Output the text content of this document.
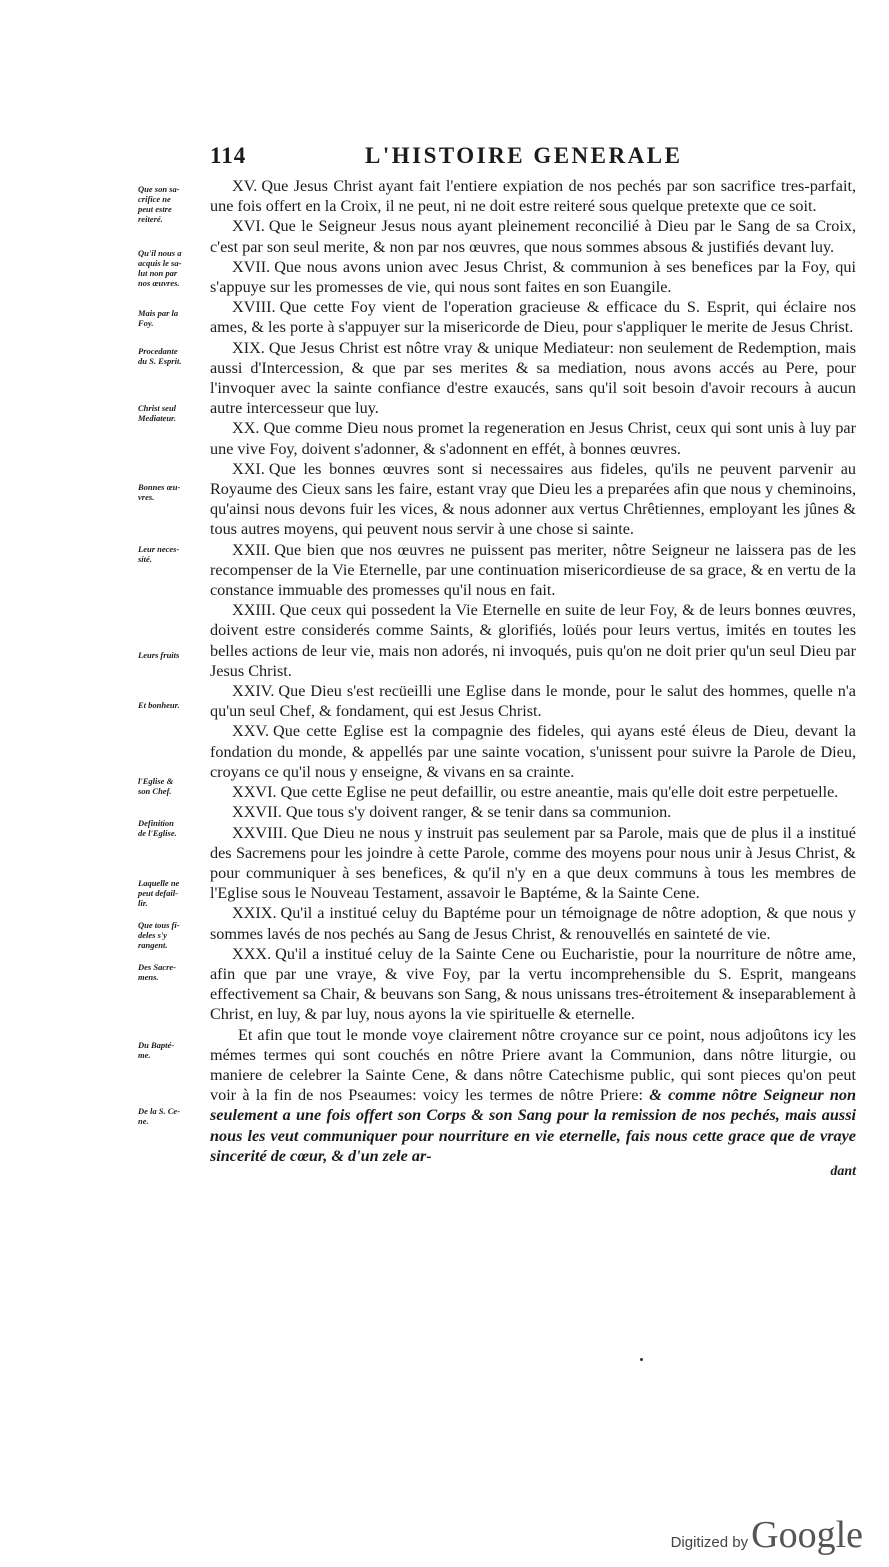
114	L'HISTOIRE GENERALE
Que son sa-
crifice ne
peut estre
reiteré.
Qu'il nous a
acquis le sa-
lut non par
nos œuvres.
Mais par la
Foy.
Procedante
du S. Esprit.
Christ seul
Mediateur.
Bonnes œu-
vres.
Leur neces-
sité.
Leurs fruits
Et bonheur.
l'Eglise &
son Chef.
Definition
de l'Eglise.
Laquelle ne
peut defail-
lir.
Que tous fi-
deles s'y
rangent.
Des Sacre-
mens.
Du Bapté-
me.
De la S. Ce-
ne.

XV. Que Jesus Christ ayant fait l'entiere expiation de nos pechés par son sacrifice tres-parfait, une fois offert en la Croix, il ne peut, ni ne doit estre reiteré sous quelque pretexte que ce soit.

XVI. Que le Seigneur Jesus nous ayant pleinement reconcilié à Dieu par le Sang de sa Croix, c'est par son seul merite, & non par nos œuvres, que nous sommes absous & justifiés devant luy.

XVII. Que nous avons union avec Jesus Christ, & communion à ses benefices par la Foy, qui s'appuye sur les promesses de vie, qui nous sont faites en son Euangile.

XVIII. Que cette Foy vient de l'operation gracieuse & efficace du S. Esprit, qui éclaire nos ames, & les porte à s'appuyer sur la misericorde de Dieu, pour s'appliquer le merite de Jesus Christ.

XIX. Que Jesus Christ est nôtre vray & unique Mediateur: non seulement de Redemption, mais aussi d'Intercession, & que par ses merites & sa mediation, nous avons accés au Pere, pour l'invoquer avec la sainte confiance d'estre exaucés, sans qu'il soit besoin d'avoir recours à aucun autre intercesseur que luy.

XX. Que comme Dieu nous promet la regeneration en Jesus Christ, ceux qui sont unis à luy par une vive Foy, doivent s'adonner, & s'adonnent en effét, à bonnes œuvres.

XXI. Que les bonnes œuvres sont si necessaires aus fideles, qu'ils ne peuvent parvenir au Royaume des Cieux sans les faire, estant vray que Dieu les a preparées afin que nous y cheminoins, qu'ainsi nous devons fuir les vices, & nous adonner aux vertus Chrêtiennes, employant les jûnes & tous autres moyens, qui peuvent nous servir à une chose si sainte.

XXII. Que bien que nos œuvres ne puissent pas meriter, nôtre Seigneur ne laissera pas de les recompenser de la Vie Eternelle, par une continuation misericordieuse de sa grace, & en vertu de la constance immuable des promesses qu'il nous en fait.

XXIII. Que ceux qui possedent la Vie Eternelle en suite de leur Foy, & de leurs bonnes œuvres, doivent estre considerés comme Saints, & glorifiés, loüés pour leurs vertus, imités en toutes les belles actions de leur vie, mais non adorés, ni invoqués, puis qu'on ne doit prier qu'un seul Dieu par Jesus Christ.

XXIV. Que Dieu s'est recüeilli une Eglise dans le monde, pour le salut des hommes, quelle n'a qu'un seul Chef, & fondament, qui est Jesus Christ.

XXV. Que cette Eglise est la compagnie des fideles, qui ayans esté éleus de Dieu, devant la fondation du monde, & appellés par une sainte vocation, s'unissent pour suivre la Parole de Dieu, croyans ce qu'il nous y enseigne, & vivans en sa crainte.

XXVI. Que cette Eglise ne peut defaillir, ou estre aneantie, mais qu'elle doit estre perpetuelle.

XXVII. Que tous s'y doivent ranger, & se tenir dans sa communion.

XXVIII. Que Dieu ne nous y instruit pas seulement par sa Parole, mais que de plus il a institué des Sacremens pour les joindre à cette Parole, comme des moyens pour nous unir à Jesus Christ, & pour communiquer à ses benefices, & qu'il n'y en a que deux communs à tous les membres de l'Eglise sous le Nouveau Testament, assavoir le Baptéme, & la Sainte Cene.

XXIX. Qu'il a institué celuy du Baptéme pour un témoignage de nôtre adoption, & que nous y sommes lavés de nos pechés au Sang de Jesus Christ, & renouvellés en sainteté de vie.

XXX. Qu'il a institué celuy de la Sainte Cene ou Eucharistie, pour la nourriture de nôtre ame, afin que par une vraye, & vive Foy, par la vertu incomprehensible du S. Esprit, mangeans effectivement sa Chair, & beuvans son Sang, & nous unissans tres-étroitement & inseparablement à Christ, en luy, & par luy, nous ayons la vie spirituelle & eternelle.

Et afin que tout le monde voye clairement nôtre croyance sur ce point, nous adjoûtons icy les mémes termes qui sont couchés en nôtre Priere avant la Communion, dans nôtre liturgie, ou maniere de celebrer la Sainte Cene, & dans nôtre Catechisme public, qui sont pieces qu'on peut voir à la fin de nos Pseaumes: voicy les termes de nôtre Priere: & comme nôtre Seigneur non seulement a une fois offert son Corps & son Sang pour la remission de nos pechés, mais aussi nous les veut communiquer pour nourriture en vie eternelle, fais nous cette grace que de vraye sincerité de cœur, & d'un zele ar-

dant
Digitized by Google
